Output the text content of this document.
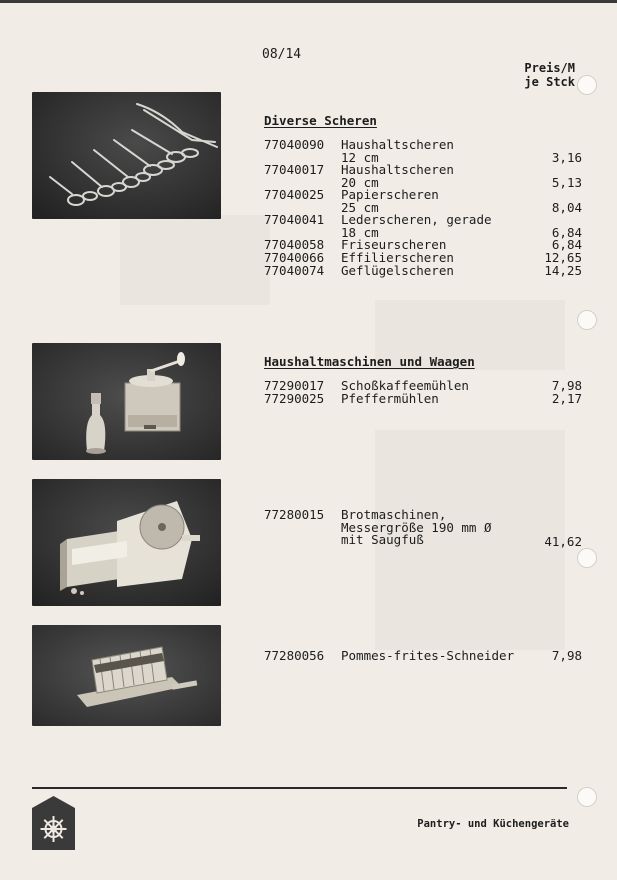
08/14
Preis/M
je Stck
Diverse Scheren
77040090 Haushaltscheren
12 cm	3,16
77040017 Haushaltscheren
20 cm	5,13
77040025 Papierscheren
25 cm	8,04
77040041 Lederscheren, gerade
18 cm	6,84
77040058 Friseurscheren	6,84
77040066 Effilierscheren	12,65
77040074 Geflügelscheren	14,25
Haushaltmaschinen und Waagen
77290017 Schoßkaffeemühlen	7,98
77290025 Pfeffermühlen	2,17
77280015 Brotmaschinen,
Messergröße 190 mm Ø
mit Saugfuß	41,62
77280056 Pommes-frites-Schneider	7,98
Pantry- und Küchengeräte
